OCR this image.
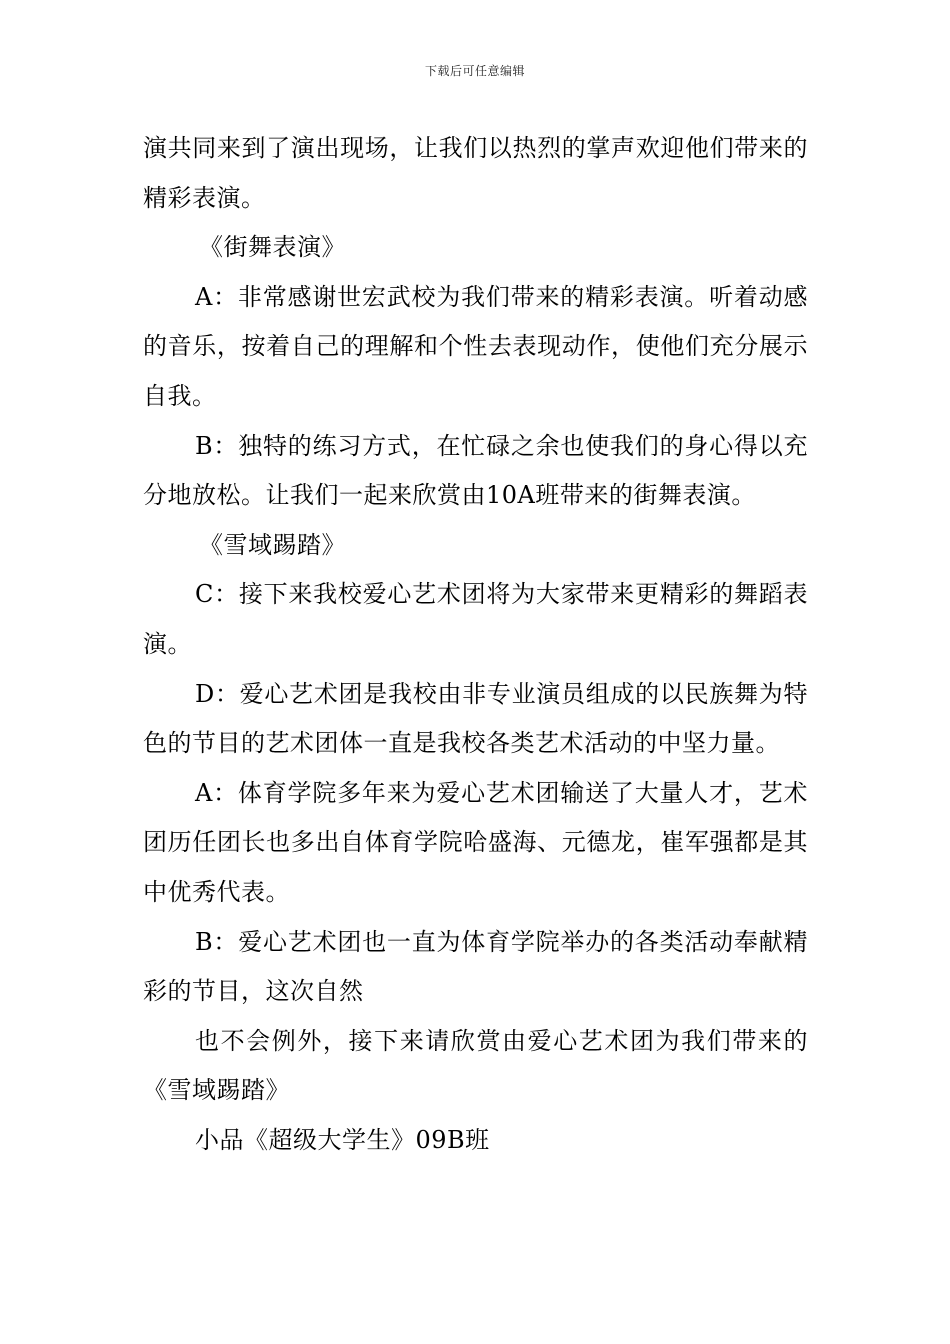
下载后可任意编辑

演共同来到了演出现场，让我们以热烈的掌声欢迎他们带来的精彩表演。

《街舞表演》

A：非常感谢世宏武校为我们带来的精彩表演。听着动感的音乐，按着自己的理解和个性去表现动作，使他们充分展示自我。

B：独特的练习方式，在忙碌之余也使我们的身心得以充分地放松。让我们一起来欣赏由10A班带来的街舞表演。

《雪域踢踏》

C：接下来我校爱心艺术团将为大家带来更精彩的舞蹈表演。

D：爱心艺术团是我校由非专业演员组成的以民族舞为特色的节目的艺术团体一直是我校各类艺术活动的中坚力量。

A：体育学院多年来为爱心艺术团输送了大量人才，艺术团历任团长也多出自体育学院哈盛海、元德龙，崔军强都是其中优秀代表。

B：爱心艺术团也一直为体育学院举办的各类活动奉献精彩的节目，这次自然

也不会例外，接下来请欣赏由爱心艺术团为我们带来的《雪域踢踏》

小品《超级大学生》09B班
